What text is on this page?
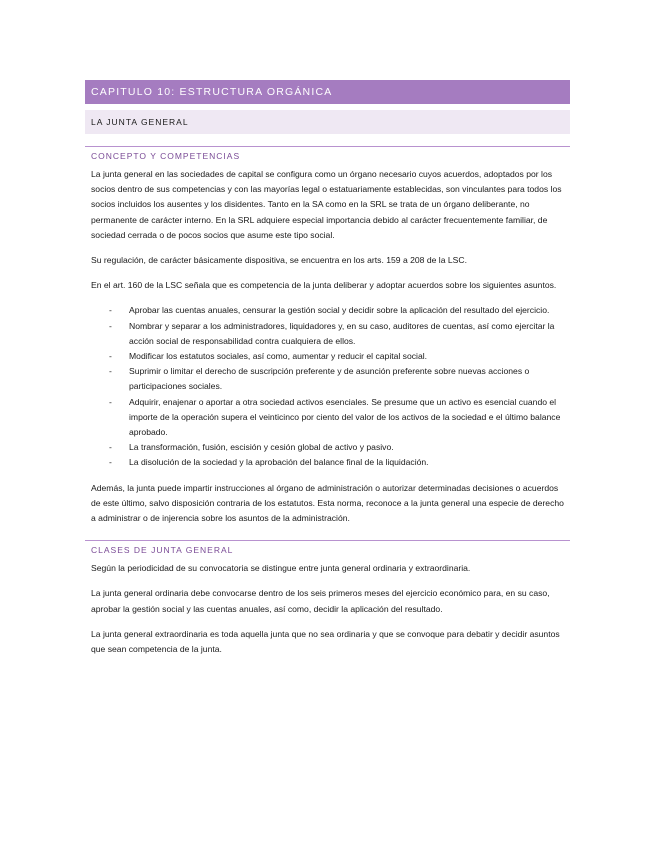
CAPITULO 10: ESTRUCTURA ORGÁNICA
LA JUNTA GENERAL
CONCEPTO Y COMPETENCIAS

La junta general en las sociedades de capital se configura como un órgano necesario cuyos acuerdos, adoptados por los socios dentro de sus competencias y con las mayorías legal o estatuariamente establecidas, son vinculantes para todos los socios incluidos los ausentes y los disidentes. Tanto en la SA como en la SRL se trata de un órgano deliberante, no permanente de carácter interno. En la SRL adquiere especial importancia debido al carácter frecuentemente familiar, de sociedad cerrada o de pocos socios que asume este tipo social.

Su regulación, de carácter básicamente dispositiva, se encuentra en los arts. 159 a 208 de la LSC.

En el art. 160 de la LSC señala que es competencia de la junta deliberar y adoptar acuerdos sobre los siguientes asuntos.

- Aprobar las cuentas anuales, censurar la gestión social y decidir sobre la aplicación del resultado del ejercicio.
- Nombrar y separar a los administradores, liquidadores y, en su caso, auditores de cuentas, así como ejercitar la acción social de responsabilidad contra cualquiera de ellos.
- Modificar los estatutos sociales, así como, aumentar y reducir el capital social.
- Suprimir o limitar el derecho de suscripción preferente y de asunción preferente sobre nuevas acciones o participaciones sociales.
- Adquirir, enajenar o aportar a otra sociedad activos esenciales. Se presume que un activo es esencial cuando el importe de la operación supera el veinticinco por ciento del valor de los activos de la sociedad e el último balance aprobado.
- La transformación, fusión, escisión y cesión global de activo y pasivo.
- La disolución de la sociedad y la aprobación del balance final de la liquidación.

Además, la junta puede impartir instrucciones al órgano de administración o autorizar determinadas decisiones o acuerdos de este último, salvo disposición contraria de los estatutos. Esta norma, reconoce a la junta general una especie de derecho a administrar o de injerencia sobre los asuntos de la administración.

CLASES DE JUNTA GENERAL

Según la periodicidad de su convocatoria se distingue entre junta general ordinaria y extraordinaria.

La junta general ordinaria debe convocarse dentro de los seis primeros meses del ejercicio económico para, en su caso, aprobar la gestión social y las cuentas anuales, así como, decidir la aplicación del resultado.

La junta general extraordinaria es toda aquella junta que no sea ordinaria y que se convoque para debatir y decidir asuntos que sean competencia de la junta.
